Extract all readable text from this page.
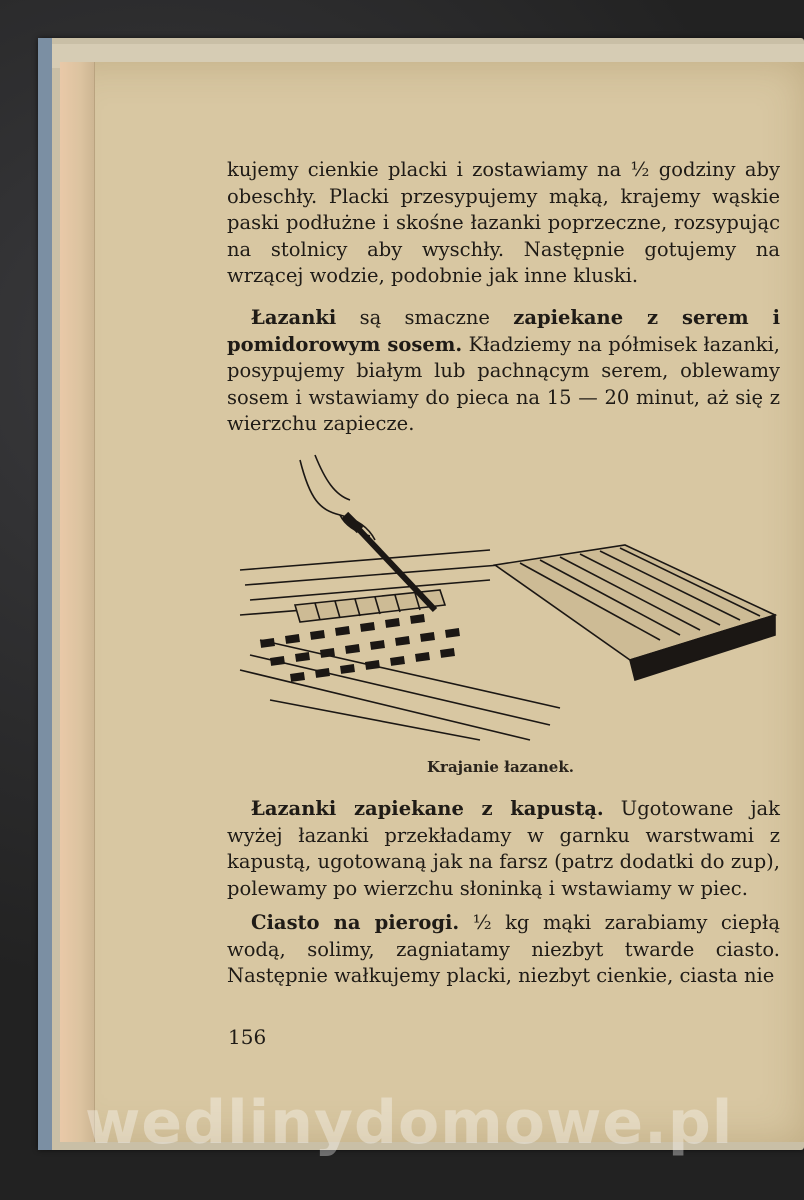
kujemy cienkie placki i zostawiamy na ½ godziny aby obeschły. Placki przesypujemy mąką, krajemy wąskie paski podłużne i skośne łazanki poprzeczne, rozsypując na stolnicy aby wyschły. Następnie gotujemy na wrzącej wodzie, podobnie jak inne kluski.

Łazanki są smaczne zapiekane z serem i pomidorowym sosem. Kładziemy na półmisek łazanki, posypujemy białym lub pachnącym serem, oblewamy sosem i wstawiamy do pieca na 15 — 20 minut, aż się z wierzchu zapiecze.

Krajanie łazanek.

Łazanki zapiekane z kapustą. Ugotowane jak wyżej łazanki przekładamy w garnku warstwami z kapustą, ugotowaną jak na farsz (patrz dodatki do zup), polewamy po wierzchu słoninką i wstawiamy w piec.

Ciasto na pierogi. ½ kg mąki zarabiamy ciepłą wodą, solimy, zagniatamy niezbyt twarde ciasto. Następnie wałkujemy placki, niezbyt cienkie, ciasta nie

156
wedlinydomowe.pl
